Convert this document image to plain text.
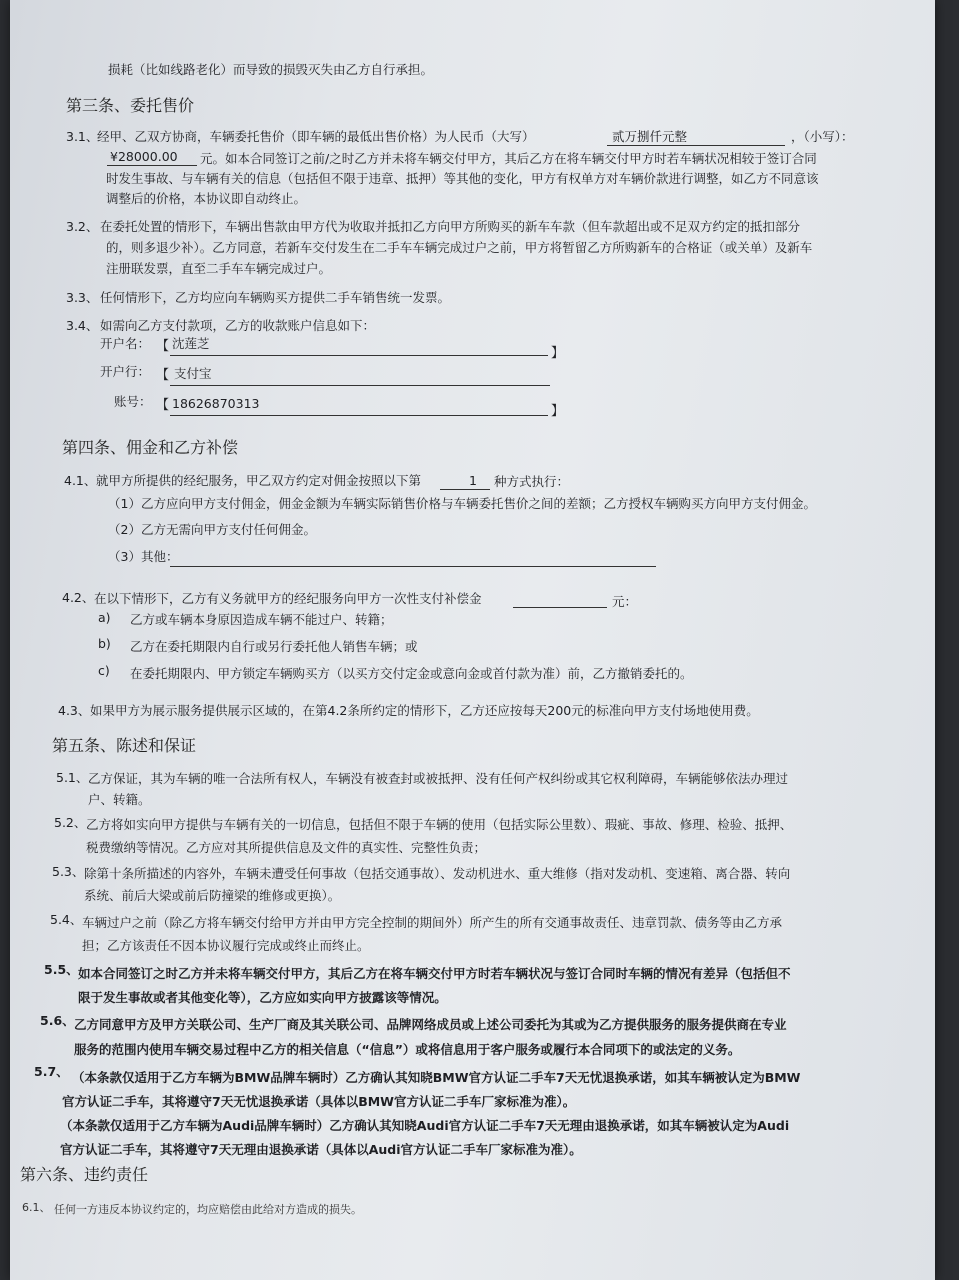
损耗（比如线路老化）而导致的损毁灭失由乙方自行承担。
第三条、委托售价
3.1、
经甲、乙双方协商，车辆委托售价（即车辆的最低出售价格）为人民币（大写）	贰万捌仟元整	，（小写）：
¥28000.00 元。如本合同签订之前/之时乙方并未将车辆交付甲方，其后乙方在将车辆交付甲方时若车辆状况相较于签订合同
时发生事故、与车辆有关的信息（包括但不限于违章、抵押）等其他的变化，甲方有权单方对车辆价款进行调整，如乙方不同意该
调整后的价格，本协议即自动终止。
3.2、 在委托处置的情形下，车辆出售款由甲方代为收取并抵扣乙方向甲方所购买的新车车款（但车款超出或不足双方约定的抵扣部分
的，则多退少补）。乙方同意，若新车交付发生在二手车车辆完成过户之前，甲方将暂留乙方所购新车的合格证（或关单）及新车
注册联发票，直至二手车车辆完成过户。
3.3、 任何情形下，乙方均应向车辆购买方提供二手车销售统一发票。
3.4、 如需向乙方支付款项，乙方的收款账户信息如下：
开户名： 【 沈莲芝
】
开户行： 【 支付宝
账号： 【 18626870313
】
第四条、佣金和乙方补偿
4.1、 就甲方所提供的经纪服务，甲乙双方约定对佣金按照以下第	1 种方式执行：
（1）乙方应向甲方支付佣金，佣金金额为车辆实际销售价格与车辆委托售价之间的差额；乙方授权车辆购买方向甲方支付佣金。
（2）乙方无需向甲方支付任何佣金。
（3）其他：
4.2、 在以下情形下，乙方有义务就甲方的经纪服务向甲方一次性支付补偿金	元：
a) 乙方或车辆本身原因造成车辆不能过户、转籍；
b) 乙方在委托期限内自行或另行委托他人销售车辆；或
c) 在委托期限内、甲方锁定车辆购买方（以买方交付定金或意向金或首付款为准）前，乙方撤销委托的。
4.3、 如果甲方为展示服务提供展示区域的，在第4.2条所约定的情形下，乙方还应按每天200元的标准向甲方支付场地使用费。
第五条、陈述和保证
5.1、 乙方保证，其为车辆的唯一合法所有权人，车辆没有被查封或被抵押、没有任何产权纠纷或其它权利障碍，车辆能够依法办理过
户、转籍。
5.2、 乙方将如实向甲方提供与车辆有关的一切信息，包括但不限于车辆的使用（包括实际公里数）、瑕疵、事故、修理、检验、抵押、
税费缴纳等情况。乙方应对其所提供信息及文件的真实性、完整性负责；
5.3、 除第十条所描述的内容外，车辆未遭受任何事故（包括交通事故）、发动机进水、重大维修（指对发动机、变速箱、离合器、转向
系统、前后大梁或前后防撞梁的维修或更换）。
5.4、 车辆过户之前（除乙方将车辆交付给甲方并由甲方完全控制的期间外）所产生的所有交通事故责任、违章罚款、债务等由乙方承
担；乙方该责任不因本协议履行完成或终止而终止。
5.5、 如本合同签订之时乙方并未将车辆交付甲方，其后乙方在将车辆交付甲方时若车辆状况与签订合同时车辆的情况有差异（包括但不
限于发生事故或者其他变化等），乙方应如实向甲方披露该等情况。
5.6、 乙方同意甲方及甲方关联公司、生产厂商及其关联公司、品牌网络成员或上述公司委托为其或为乙方提供服务的服务提供商在专业
服务的范围内使用车辆交易过程中乙方的相关信息（“信息”）或将信息用于客户服务或履行本合同项下的或法定的义务。
5.7、 （本条款仅适用于乙方车辆为BMW品牌车辆时）乙方确认其知晓BMW官方认证二手车7天无忧退换承诺，如其车辆被认定为BMW
官方认证二手车，其将遵守7天无忧退换承诺（具体以BMW官方认证二手车厂家标准为准）。
（本条款仅适用于乙方车辆为Audi品牌车辆时）乙方确认其知晓Audi官方认证二手车7天无理由退换承诺，如其车辆被认定为Audi
官方认证二手车，其将遵守7天无理由退换承诺（具体以Audi官方认证二手车厂家标准为准）。
第六条、违约责任
6.1、 任何一方违反本协议约定的，均应赔偿由此给对方造成的损失。
